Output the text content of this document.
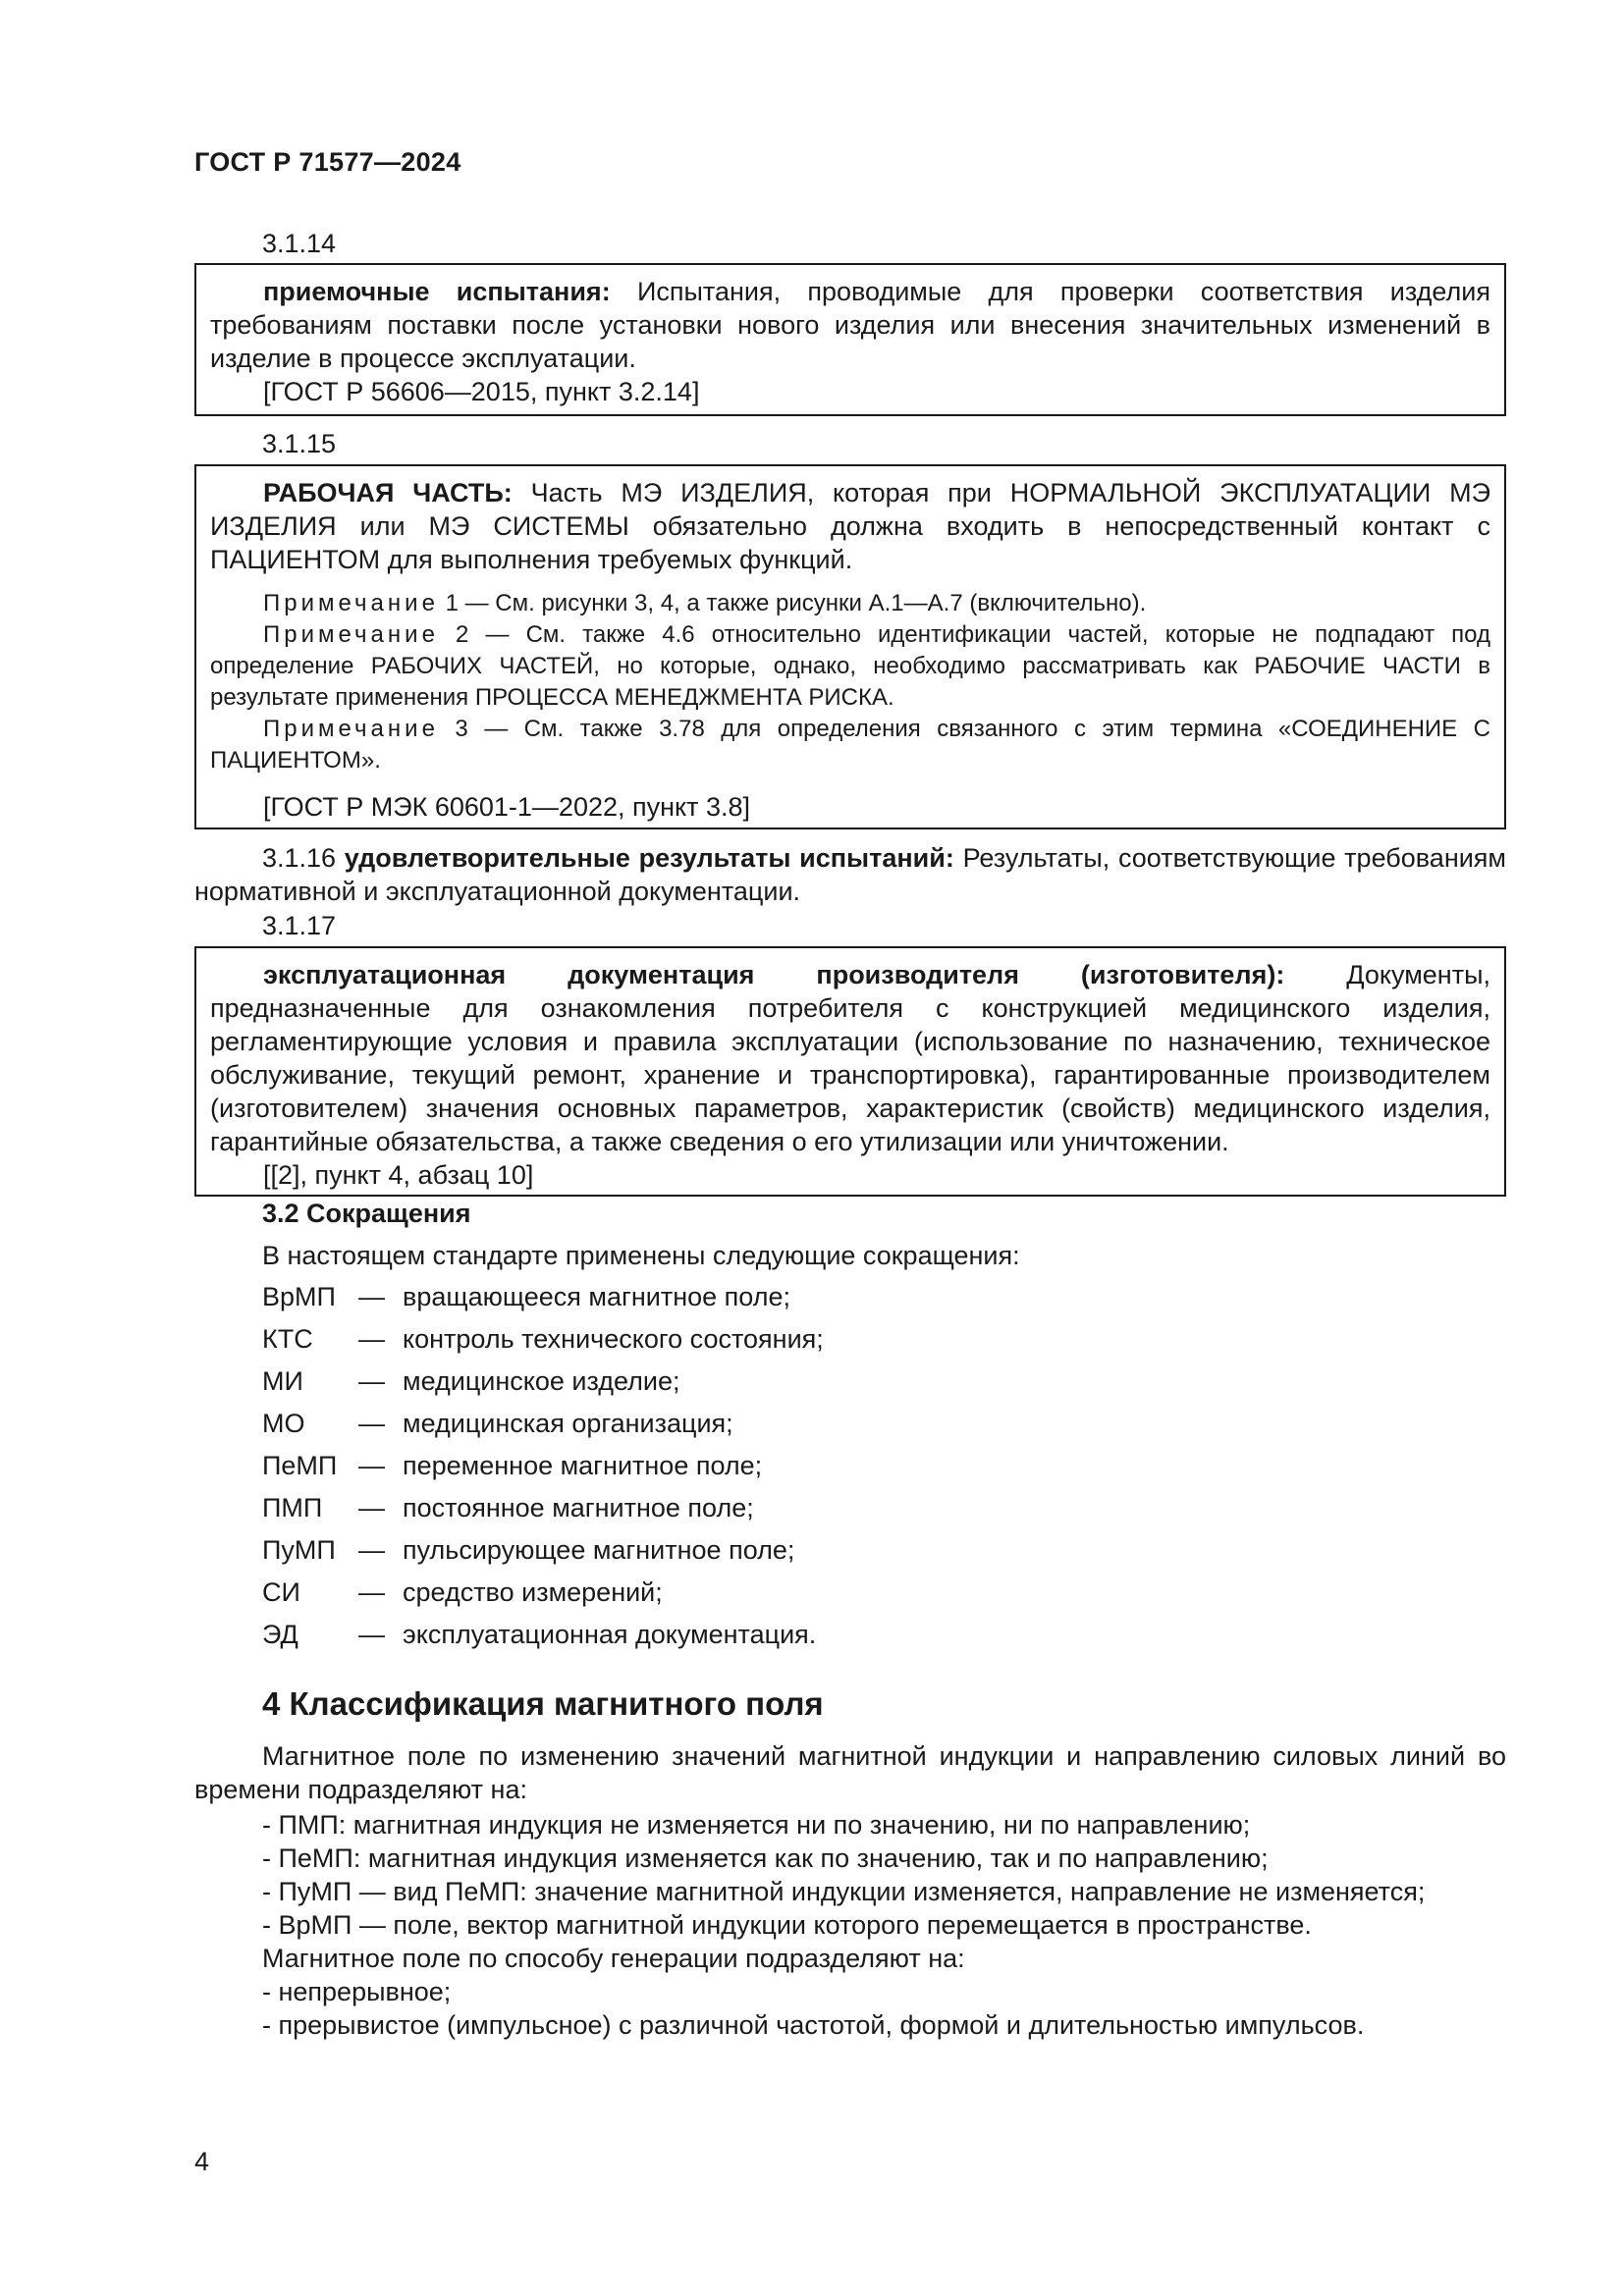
ГОСТ Р 71577—2024
3.1.14

приемочные испытания: Испытания, проводимые для проверки соответствия изделия требованиям поставки после установки нового изделия или внесения значительных изменений в изделие в процессе эксплуатации.

[ГОСТ Р 56606—2015, пункт 3.2.14]

3.1.15

РАБОЧАЯ ЧАСТЬ: Часть МЭ ИЗДЕЛИЯ, которая при НОРМАЛЬНОЙ ЭКСПЛУАТАЦИИ МЭ ИЗДЕЛИЯ или МЭ СИСТЕМЫ обязательно должна входить в непосредственный контакт с ПАЦИЕНТОМ для выполнения требуемых функций.

Примечание 1 — См. рисунки 3, 4, а также рисунки А.1—А.7 (включительно).

Примечание 2 — См. также 4.6 относительно идентификации частей, которые не подпадают под определение РАБОЧИХ ЧАСТЕЙ, но которые, однако, необходимо рассматривать как РАБОЧИЕ ЧАСТИ в результате применения ПРОЦЕССА МЕНЕДЖМЕНТА РИСКА.

Примечание 3 — См. также 3.78 для определения связанного с этим термина «СОЕДИНЕНИЕ С ПАЦИЕНТОМ».

[ГОСТ Р МЭК 60601-1—2022, пункт 3.8]

3.1.16 удовлетворительные результаты испытаний: Результаты, соответствующие требованиям нормативной и эксплуатационной документации.

3.1.17

эксплуатационная документация производителя (изготовителя): Документы, предназначенные для ознакомления потребителя с конструкцией медицинского изделия, регламентирующие условия и правила эксплуатации (использование по назначению, техническое обслуживание, текущий ремонт, хранение и транспортировка), гарантированные производителем (изготовителем) значения основных параметров, характеристик (свойств) медицинского изделия, гарантийные обязательства, а также сведения о его утилизации или уничтожении.

[[2], пункт 4, абзац 10]

3.2 Сокращения

В настоящем стандарте применены следующие сокращения:

ВрМП — вращающееся магнитное поле;
КТС — контроль технического состояния;
МИ — медицинское изделие;
МО — медицинская организация;
ПеМП — переменное магнитное поле;
ПМП — постоянное магнитное поле;
ПуМП — пульсирующее магнитное поле;
СИ — средство измерений;
ЭД — эксплуатационная документация.
4 Классификация магнитного поля

Магнитное поле по изменению значений магнитной индукции и направлению силовых линий во времени подразделяют на:

- ПМП: магнитная индукция не изменяется ни по значению, ни по направлению;
- ПеМП: магнитная индукция изменяется как по значению, так и по направлению;
- ПуМП — вид ПеМП: значение магнитной индукции изменяется, направление не изменяется;
- ВрМП — поле, вектор магнитной индукции которого перемещается в пространстве.
Магнитное поле по способу генерации подразделяют на:
- непрерывное;
- прерывистое (импульсное) с различной частотой, формой и длительностью импульсов.
4
